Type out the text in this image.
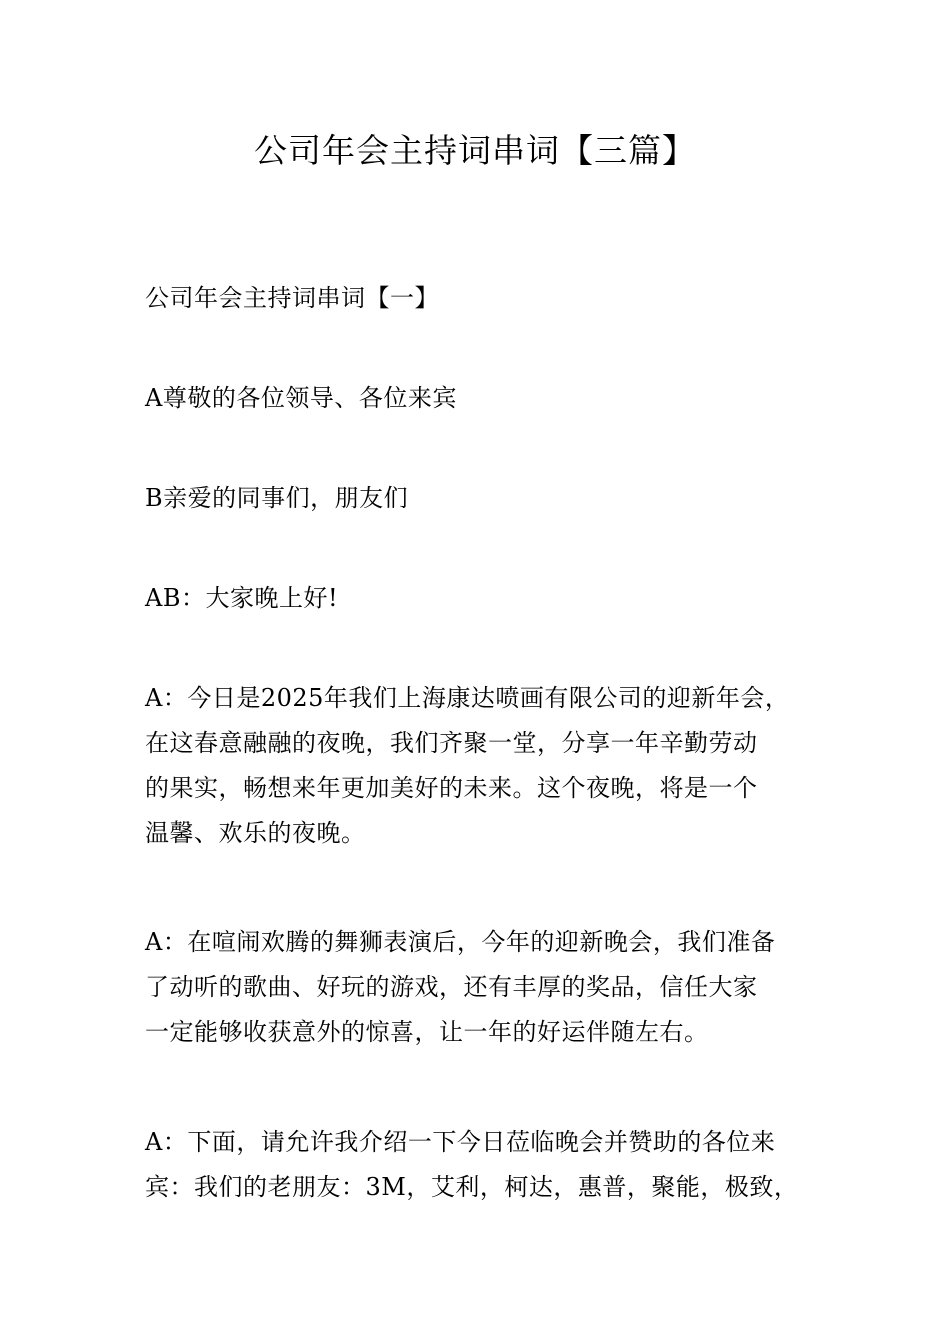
公司年会主持词串词【三篇】

公司年会主持词串词【一】

A尊敬的各位领导、各位来宾

B亲爱的同事们，朋友们

AB：大家晚上好!

A：今日是2025年我们上海康达喷画有限公司的迎新年会，
在这春意融融的夜晚，我们齐聚一堂，分享一年辛勤劳动
的果实，畅想来年更加美好的未来。这个夜晚，将是一个
温馨、欢乐的夜晚。

A：在喧闹欢腾的舞狮表演后，今年的迎新晚会，我们准备
了动听的歌曲、好玩的游戏，还有丰厚的奖品，信任大家
一定能够收获意外的惊喜，让一年的好运伴随左右。

A：下面，请允许我介绍一下今日莅临晚会并赞助的各位来
宾：我们的老朋友：3M，艾利，柯达，惠普，聚能，极致，
